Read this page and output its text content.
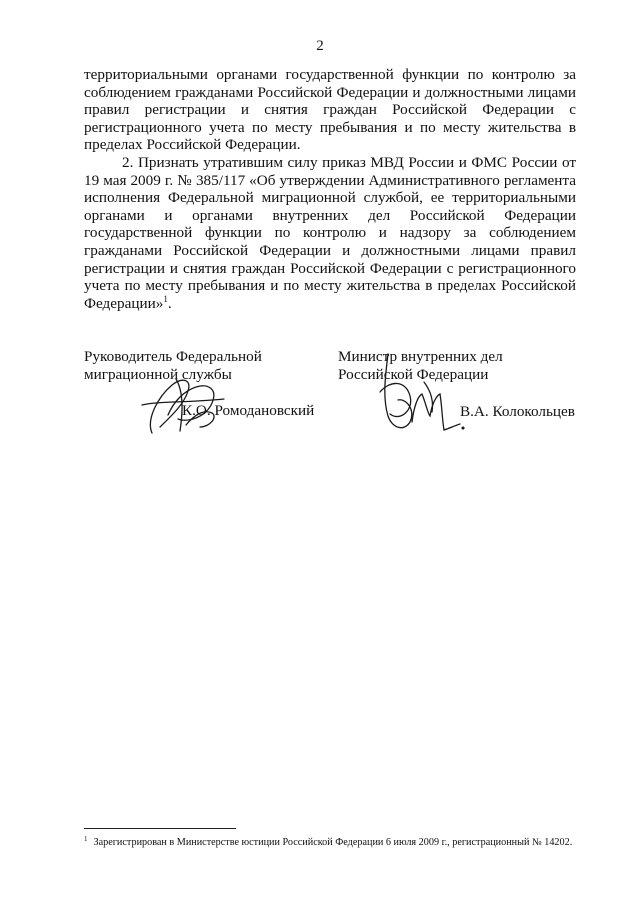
2

территориальными органами государственной функции по контролю за соблюдением гражданами Российской Федерации и должностными лицами правил регистрации и снятия граждан Российской Федерации с регистрационного учета по месту пребывания и по месту жительства в пределах Российской Федерации.

2. Признать утратившим силу приказ МВД России и ФМС России от 19 мая 2009 г. № 385/117 «Об утверждении Административного регламента исполнения Федеральной миграционной службой, ее территориальными органами и органами внутренних дел Российской Федерации государственной функции по контролю и надзору за соблюдением гражданами Российской Федерации и должностными лицами правил регистрации и снятия граждан Российской Федерации с регистрационного учета по месту пребывания и по месту жительства в пределах Российской Федерации»$^1$.

Руководитель Федеральной
миграционной службы
К.О. Ромодановский
Министр внутренних дел
Российской Федерации
В.А. Колокольцев
$^1$ Зарегистрирован в Министерстве юстиции Российской Федерации 6 июля 2009 г., регистрационный № 14202.
